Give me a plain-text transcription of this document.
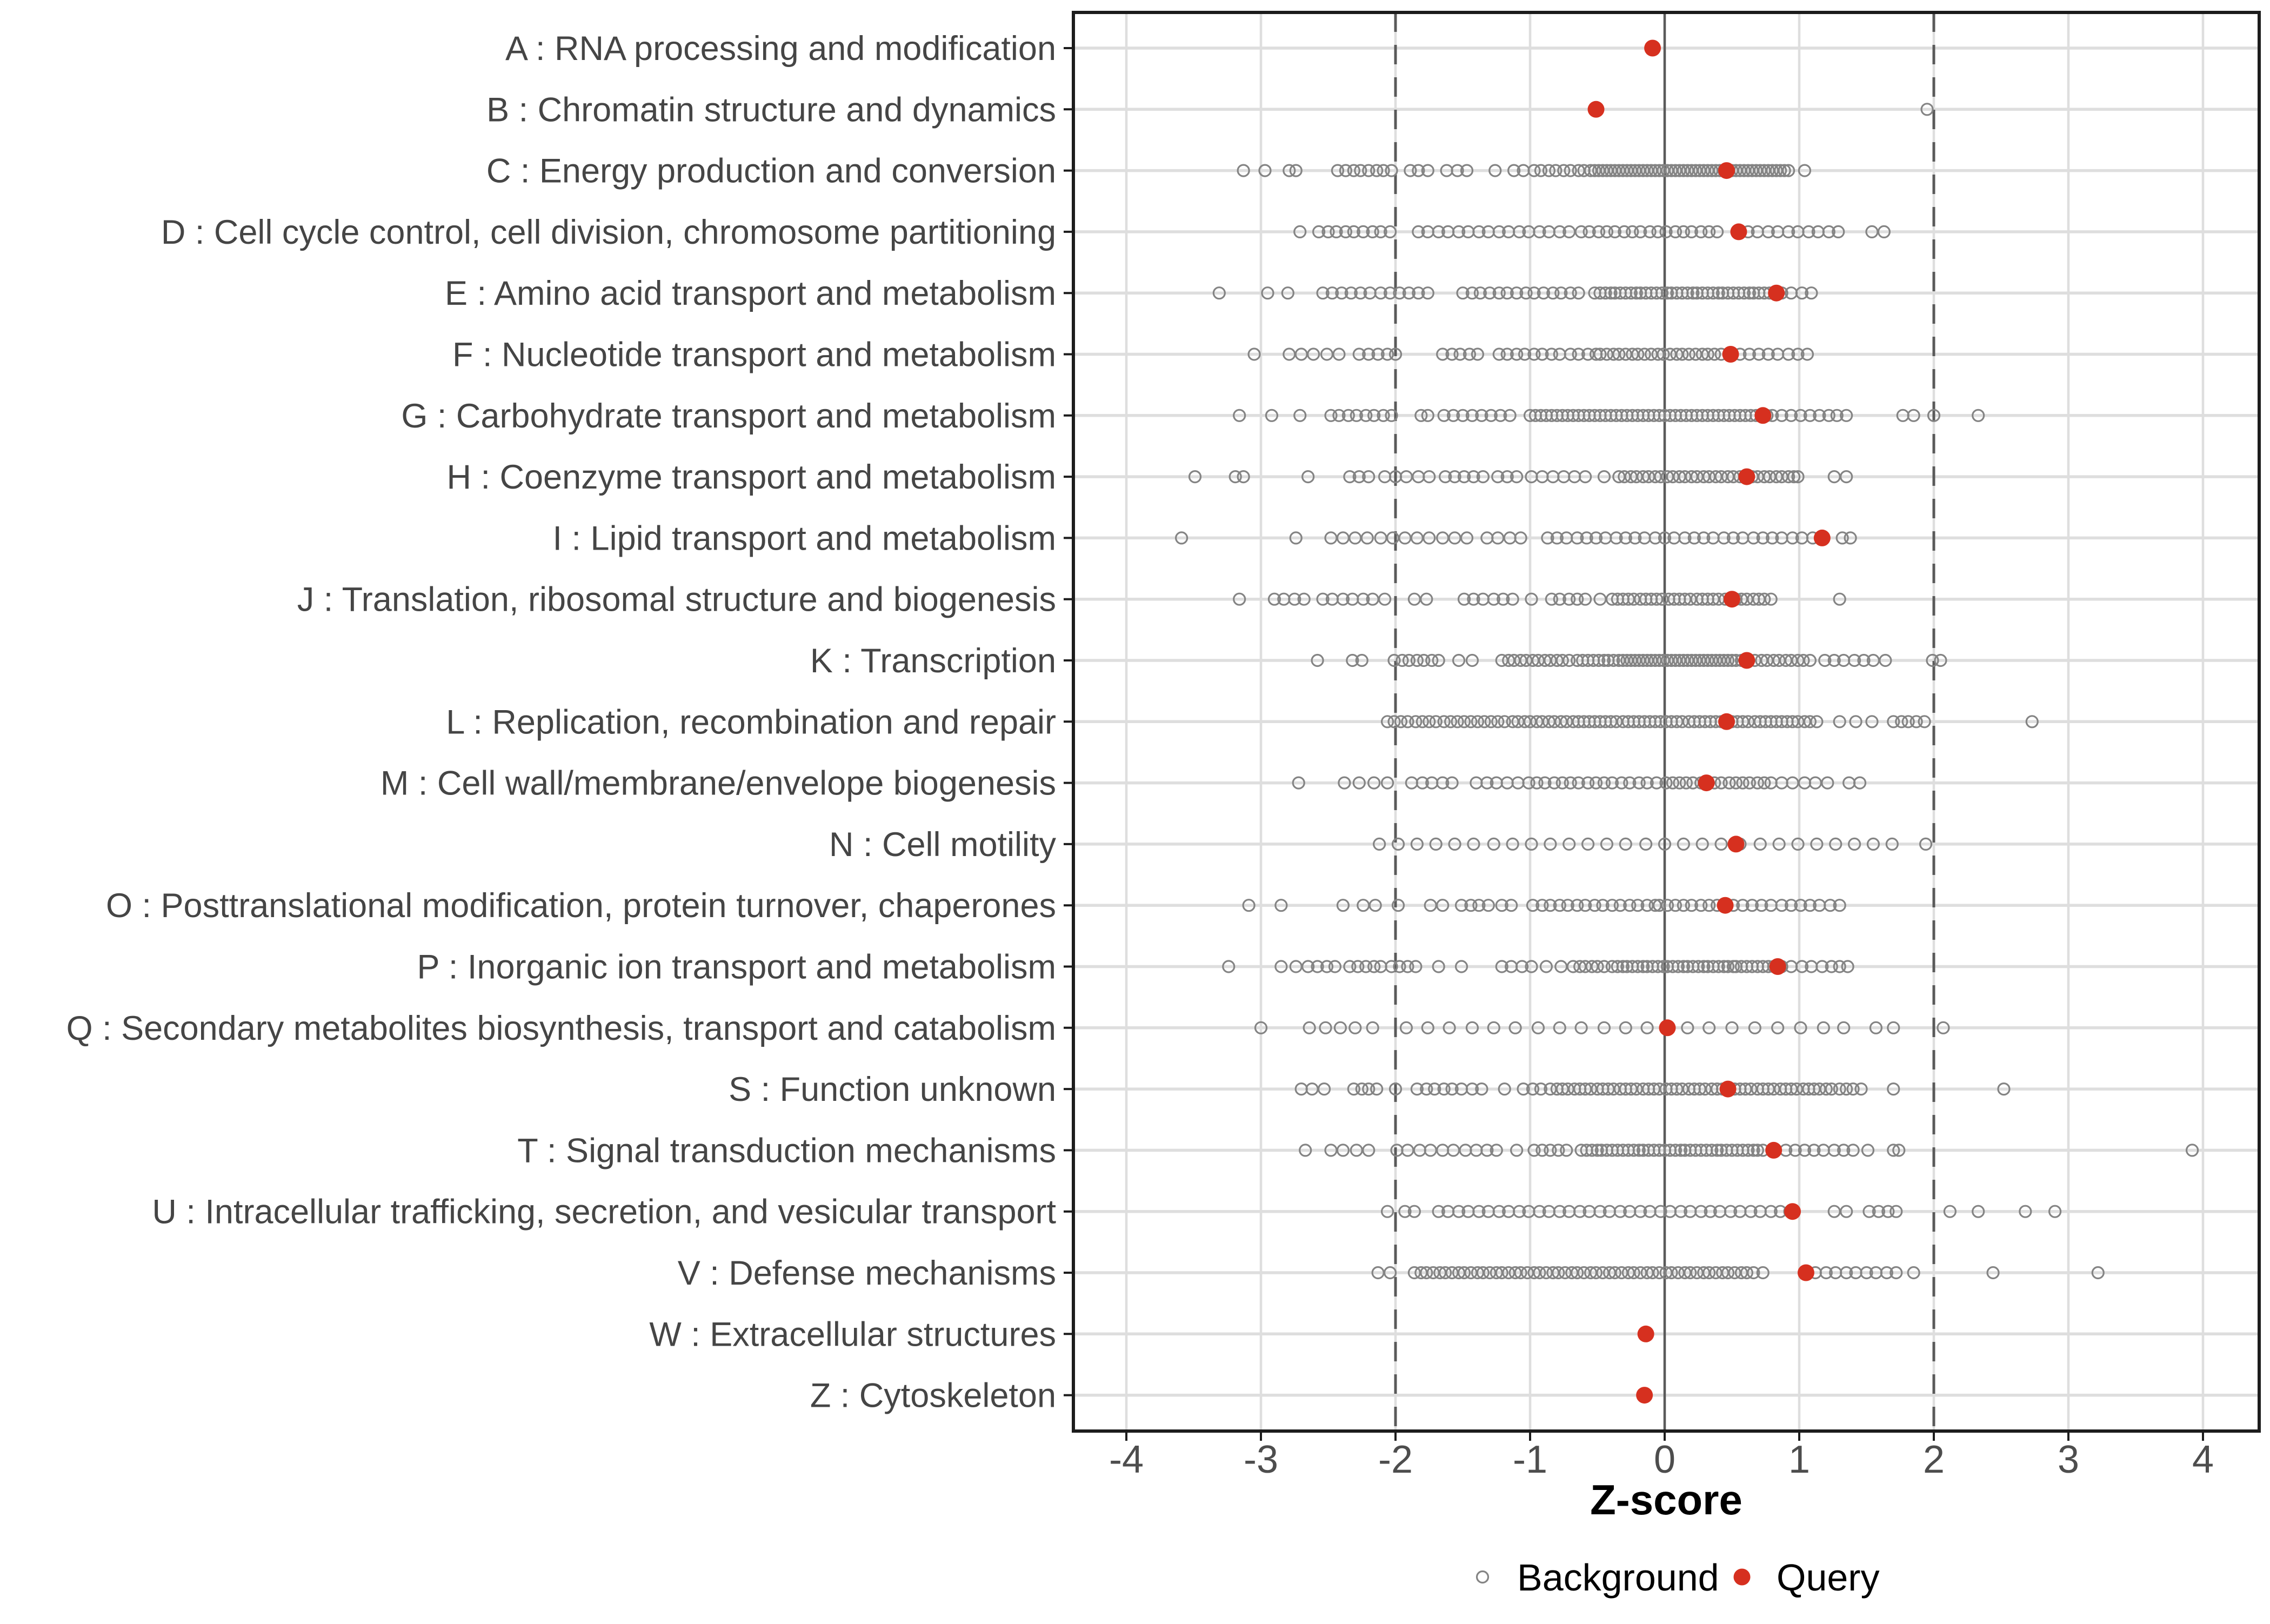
-4	-3	-2	-1	0	1	2	3	4
A : RNA processing and modification
B : Chromatin structure and dynamics
C : Energy production and conversion
D : Cell cycle control, cell division, chromosome partitioning
E : Amino acid transport and metabolism
F : Nucleotide transport and metabolism
G : Carbohydrate transport and metabolism
H : Coenzyme transport and metabolism
I : Lipid transport and metabolism
J : Translation, ribosomal structure and biogenesis
K : Transcription
L : Replication, recombination and repair
M : Cell wall/membrane/envelope biogenesis
N : Cell motility
O : Posttranslational modification, protein turnover, chaperones
P : Inorganic ion transport and metabolism
Q : Secondary metabolites biosynthesis, transport and catabolism
S : Function unknown
T : Signal transduction mechanisms
U : Intracellular trafficking, secretion, and vesicular transport
V : Defense mechanisms
W : Extracellular structures
Z : Cytoskeleton
Z-score
Background Query
